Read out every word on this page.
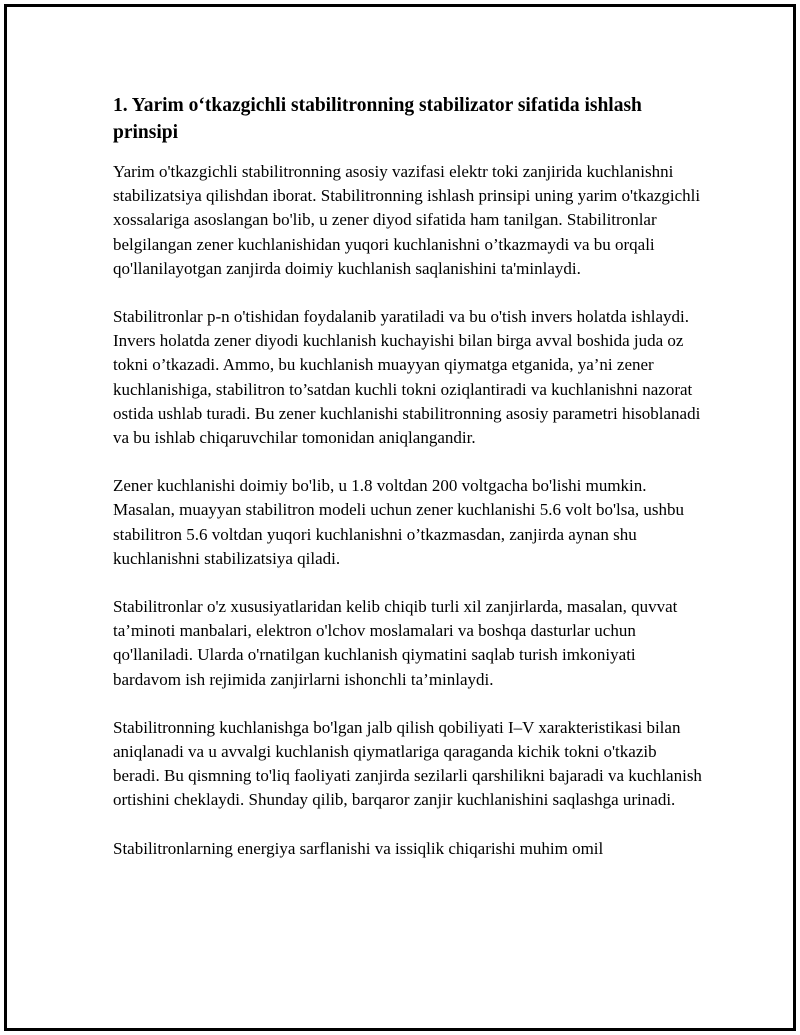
1. Yarim o‘tkazgichli stabilitronning stabilizator sifatida ishlash prinsipi

Yarim o'tkazgichli stabilitronning asosiy vazifasi elektr toki zanjirida kuchlanishni stabilizatsiya qilishdan iborat. Stabilitronning ishlash prinsipi uning yarim o'tkazgichli xossalariga asoslangan bo'lib, u zener diyod sifatida ham tanilgan. Stabilitronlar belgilangan zener kuchlanishidan yuqori kuchlanishni o’tkazmaydi va bu orqali qo'llanilayotgan zanjirda doimiy kuchlanish saqlanishini ta'minlaydi.

Stabilitronlar p-n o'tishidan foydalanib yaratiladi va bu o'tish invers holatda ishlaydi. Invers holatda zener diyodi kuchlanish kuchayishi bilan birga avval boshida juda oz tokni o’tkazadi. Ammo, bu kuchlanish muayyan qiymatga etganida, ya’ni zener kuchlanishiga, stabilitron to’satdan kuchli tokni oziqlantiradi va kuchlanishni nazorat ostida ushlab turadi. Bu zener kuchlanishi stabilitronning asosiy parametri hisoblanadi va bu ishlab chiqaruvchilar tomonidan aniqlangandir.

Zener kuchlanishi doimiy bo'lib, u 1.8 voltdan 200 voltgacha bo'lishi mumkin. Masalan, muayyan stabilitron modeli uchun zener kuchlanishi 5.6 volt bo'lsa, ushbu stabilitron 5.6 voltdan yuqori kuchlanishni o’tkazmasdan, zanjirda aynan shu kuchlanishni stabilizatsiya qiladi.

Stabilitronlar o'z xususiyatlaridan kelib chiqib turli xil zanjirlarda, masalan, quvvat ta’minoti manbalari, elektron o'lchov moslamalari va boshqa dasturlar uchun qo'llaniladi. Ularda o'rnatilgan kuchlanish qiymatini saqlab turish imkoniyati bardavom ish rejimida zanjirlarni ishonchli ta’minlaydi.

Stabilitronning kuchlanishga bo'lgan jalb qilish qobiliyati I–V xarakteristikasi bilan aniqlanadi va u avvalgi kuchlanish qiymatlariga qaraganda kichik tokni o'tkazib beradi. Bu qismning to'liq faoliyati zanjirda sezilarli qarshilikni bajaradi va kuchlanish ortishini cheklaydi. Shunday qilib, barqaror zanjir kuchlanishini saqlashga urinadi.

Stabilitronlarning energiya sarflanishi va issiqlik chiqarishi muhim omil
